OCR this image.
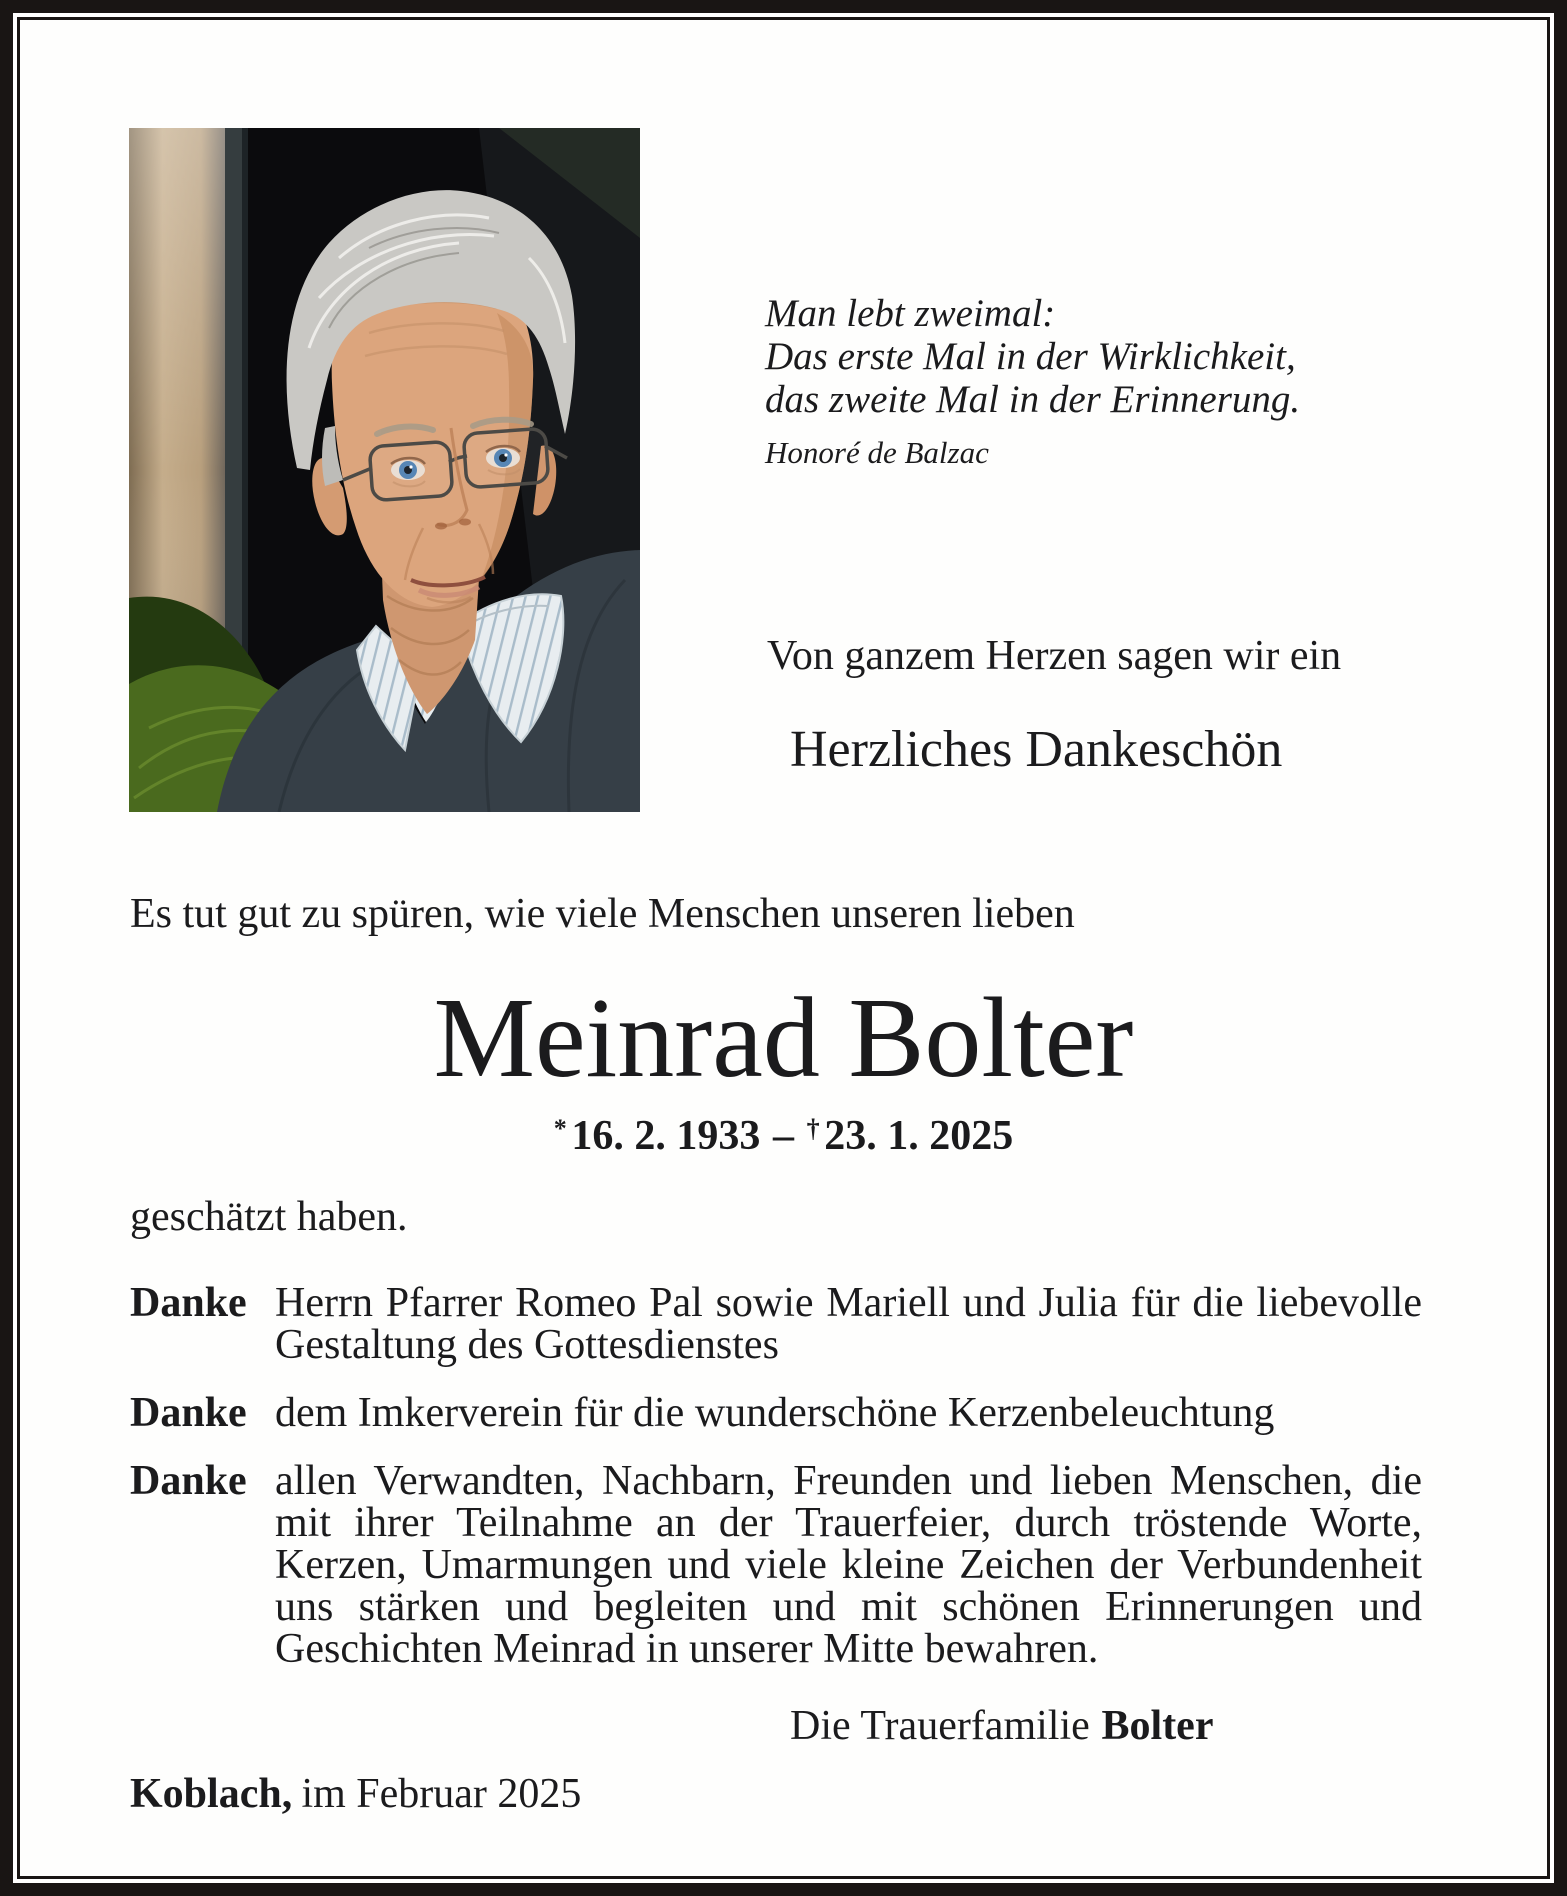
Man lebt zweimal:
Das erste Mal in der Wirklichkeit,
das zweite Mal in der Erinnerung.
Honoré de Balzac
Von ganzem Herzen sagen wir ein
Herzliches Dankeschön
Es tut gut zu spüren, wie viele Menschen unseren lieben
Meinrad Bolter
* 16. 2. 1933 – † 23. 1. 2025
geschätzt haben.
Danke Herrn Pfarrer Romeo Pal sowie Mariell und Julia für die liebevolle Gestaltung des Gottesdienstes
Danke dem Imkerverein für die wunderschöne Kerzenbeleuchtung
Danke allen Verwandten, Nachbarn, Freunden und lieben Menschen, die mit ihrer Teilnahme an der Trauerfeier, durch tröstende Worte, Kerzen, Umarmungen und viele kleine Zeichen der Verbundenheit uns stärken und begleiten und mit schönen Erinnerungen und Geschichten Meinrad in unserer Mitte bewahren.
Die Trauerfamilie Bolter
Koblach, im Februar 2025
